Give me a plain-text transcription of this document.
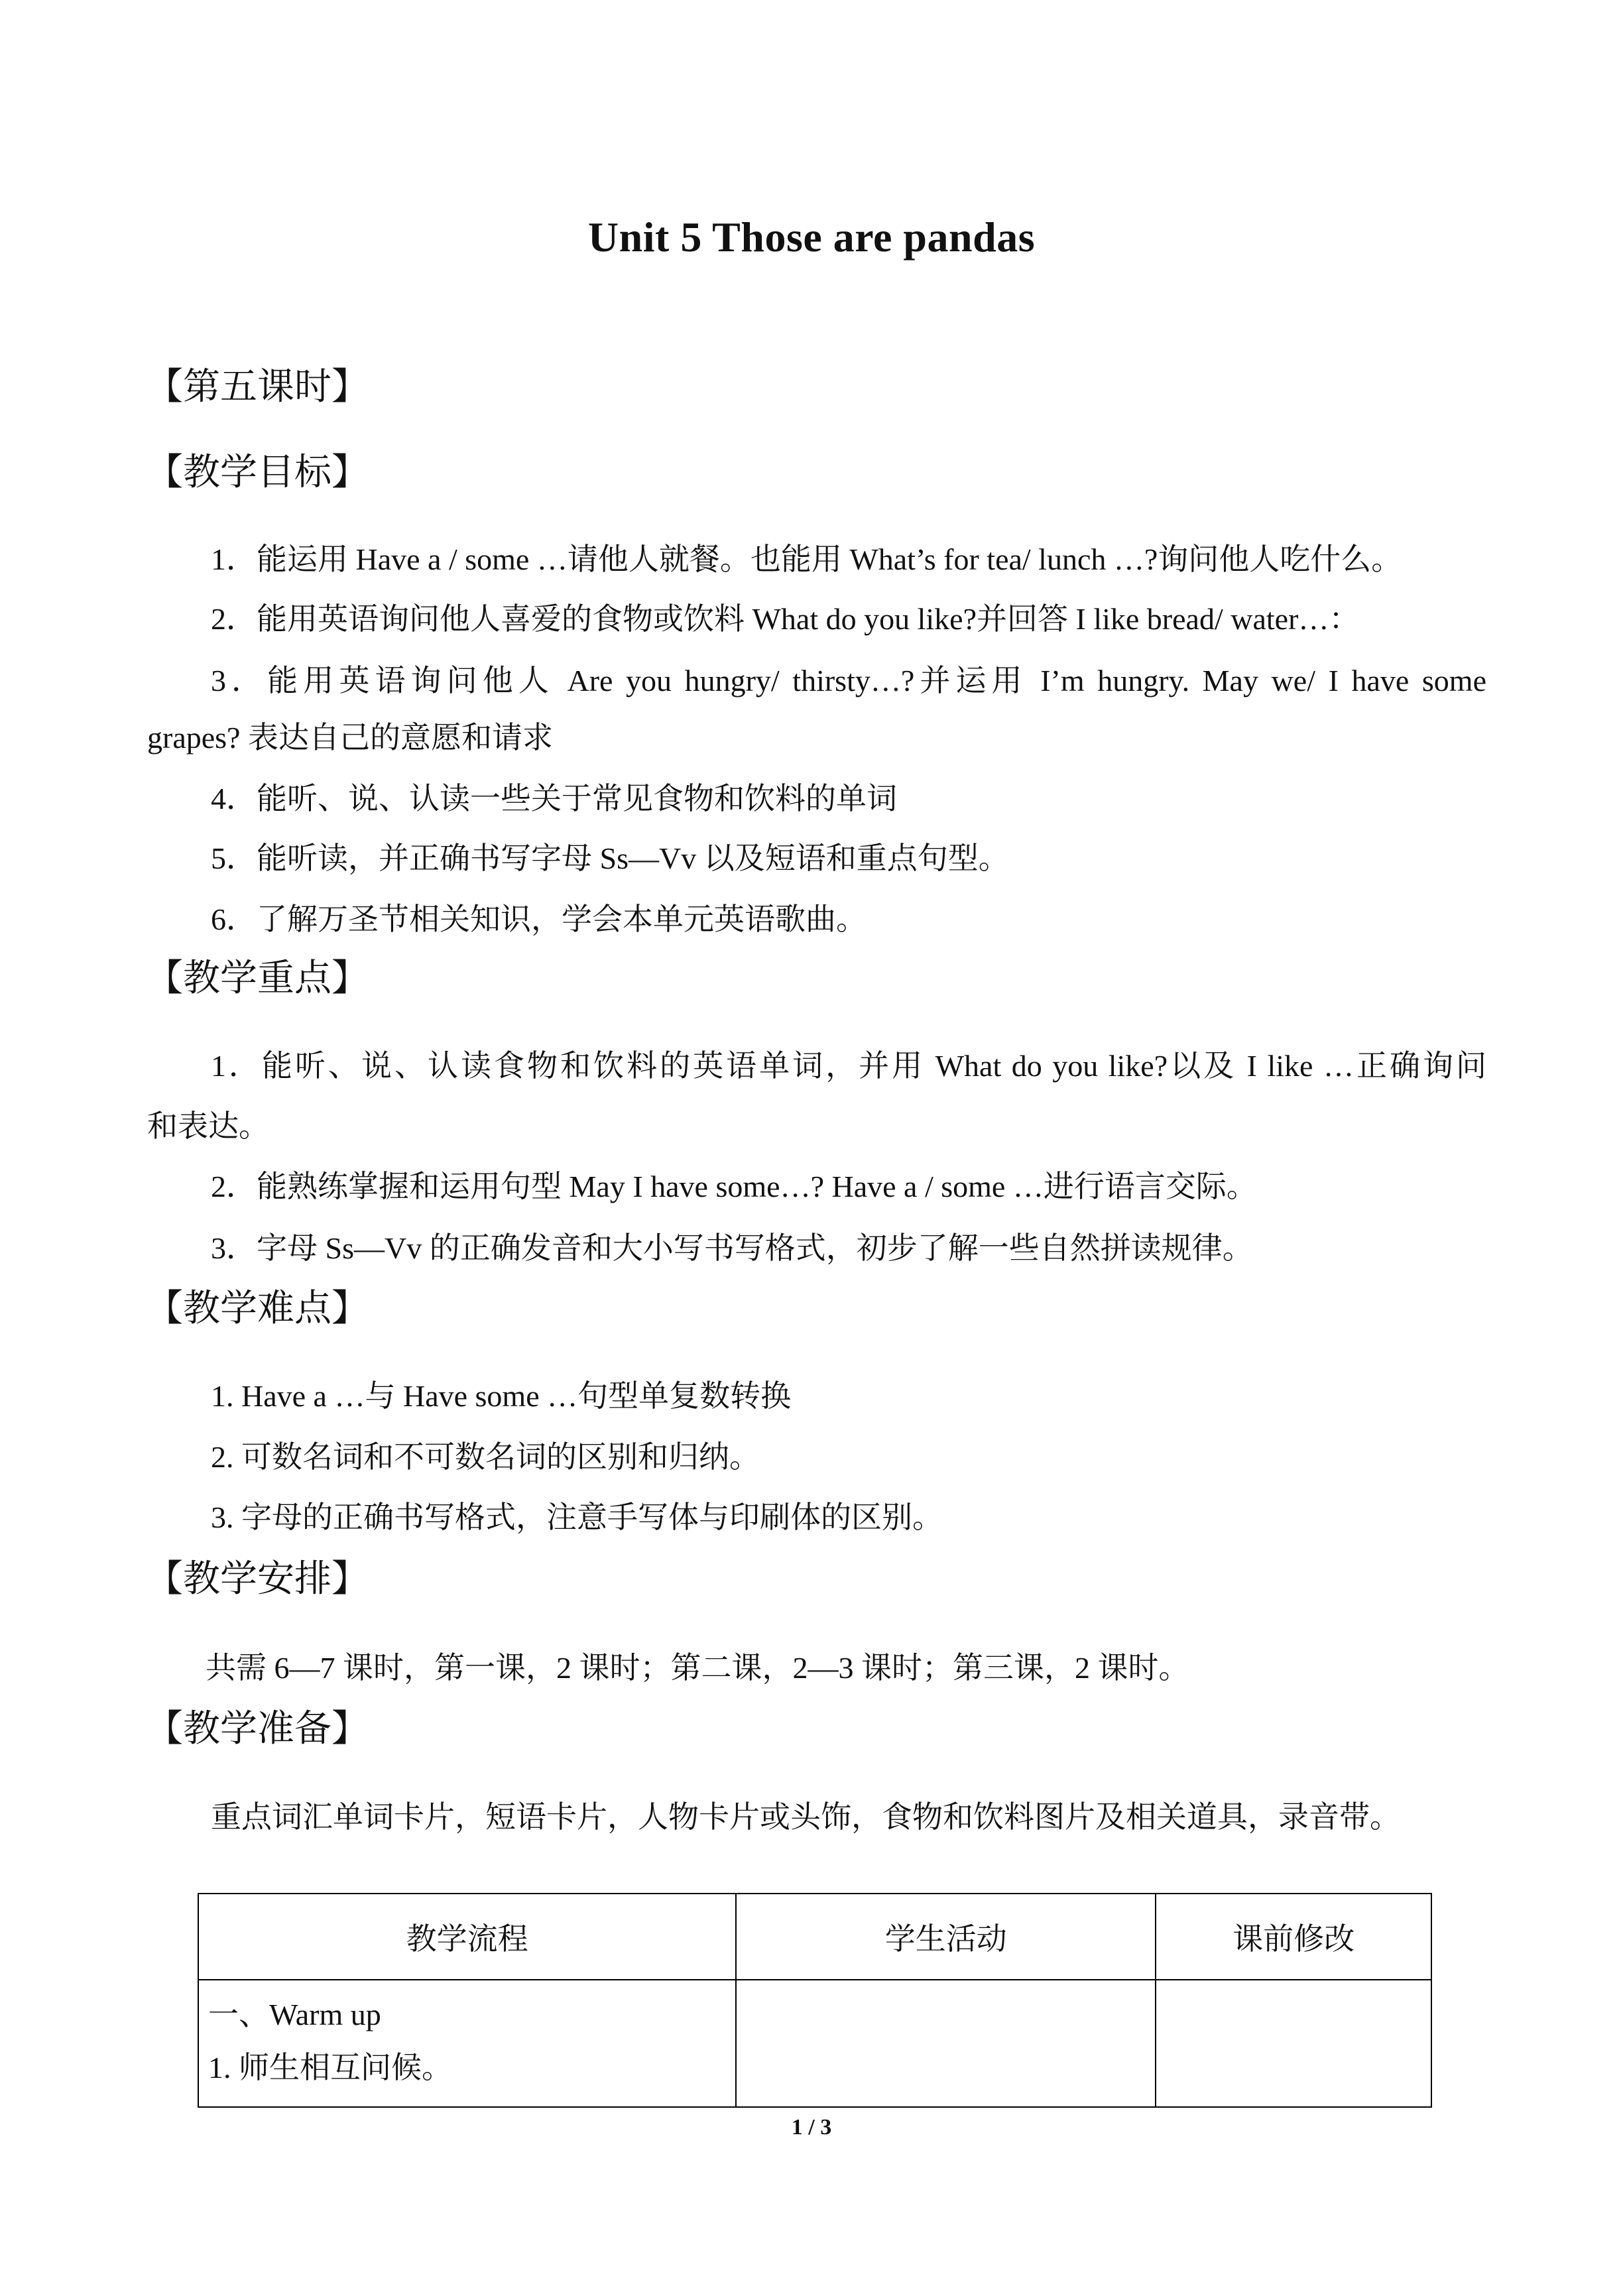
Unit 5 Those are pandas
【第五课时】
【教学目标】
1．能运用 Have a / some …请他人就餐。也能用 What’s for tea/ lunch …?询问他人吃什么。
2．能用英语询问他人喜爱的食物或饮料 What do you like?并回答 I like bread/ water…：
3．能用英语询问他人 Are you hungry/ thirsty…?并运用 I’m hungry. May we/ I have some
grapes? 表达自己的意愿和请求
4．能听、说、认读一些关于常见食物和饮料的单词
5．能听读，并正确书写字母 Ss—Vv 以及短语和重点句型。
6．了解万圣节相关知识，学会本单元英语歌曲。
【教学重点】
1．能听、说、认读食物和饮料的英语单词，并用 What do you like?以及 I like …正确询问
和表达。
2．能熟练掌握和运用句型 May I have some…? Have a / some …进行语言交际。
3．字母 Ss—Vv 的正确发音和大小写书写格式，初步了解一些自然拼读规律。
【教学难点】
1. Have a …与 Have some …句型单复数转换
2. 可数名词和不可数名词的区别和归纳。
3. 字母的正确书写格式，注意手写体与印刷体的区别。
【教学安排】
共需 6—7 课时，第一课，2 课时；第二课，2—3 课时；第三课，2 课时。
【教学准备】
重点词汇单词卡片，短语卡片，人物卡片或头饰，食物和饮料图片及相关道具，录音带。
教学流程	学生活动	课前修改

一、Warm up
1. 师生相互问候。		

1 / 3
